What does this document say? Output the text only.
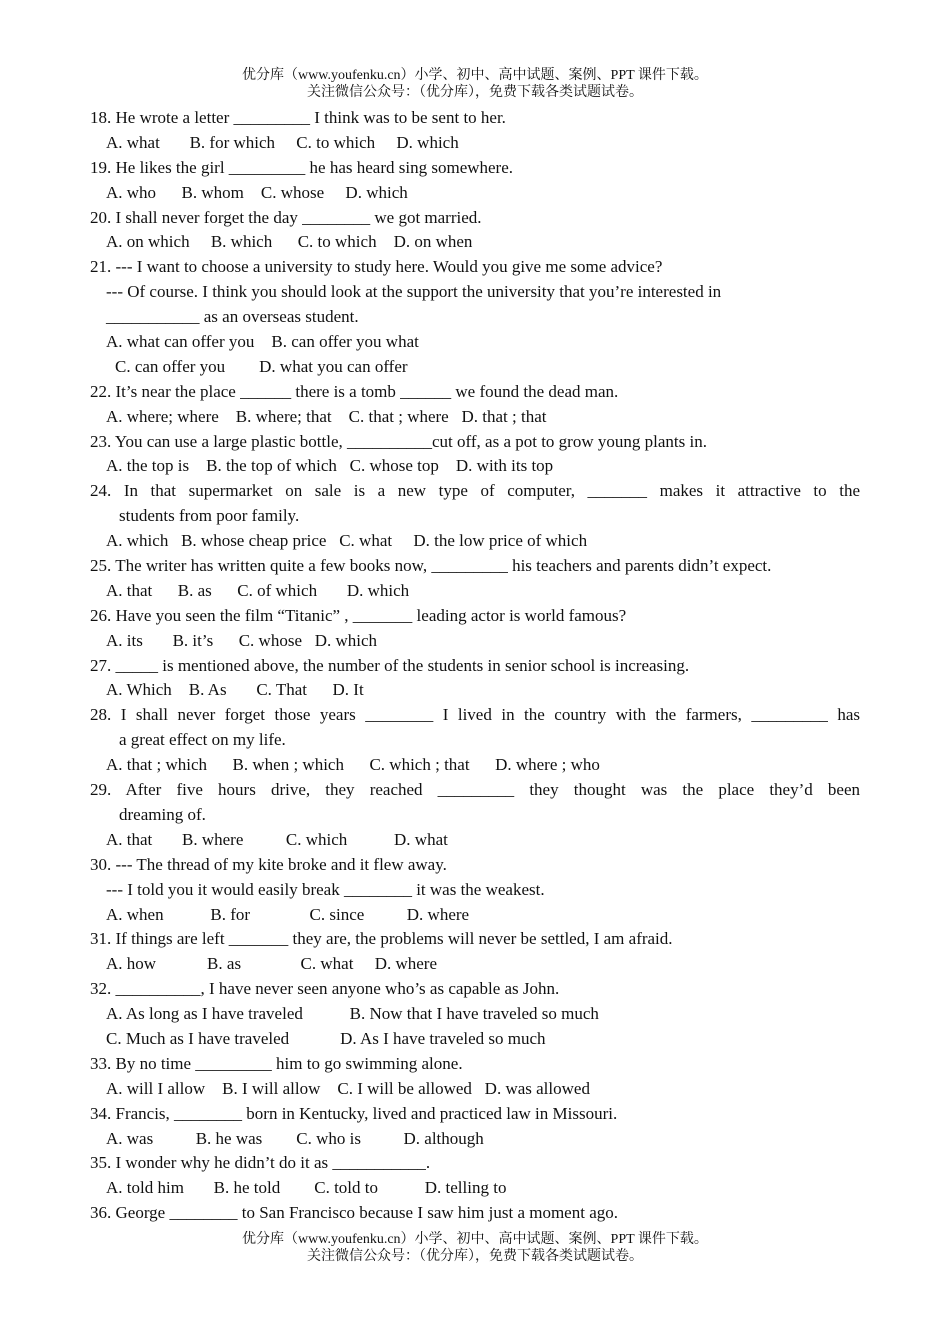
优分库（www.youfenku.cn）小学、初中、高中试题、案例、PPT 课件下载。
关注微信公众号：（优分库），免费下载各类试题试卷。
18. He wrote a letter _________ I think was to be sent to her.
A. what       B. for which     C. to which     D. which
19. He likes the girl _________ he has heard sing somewhere.
A. who      B. whom    C. whose     D. which
20. I shall never forget the day ________ we got married.
A. on which     B. which      C. to which    D. on when
21. --- I want to choose a university to study here. Would you give me some advice?
--- Of course. I think you should look at the support the university that you’re interested in
___________ as an overseas student.
A. what can offer you    B. can offer you what
C. can offer you        D. what you can offer
22. It’s near the place ______ there is a tomb ______ we found the dead man.
A. where; where    B. where; that    C. that ; where   D. that ; that
23. You can use a large plastic bottle, __________cut off, as a pot to grow young plants in.
A. the top is    B. the top of which   C. whose top    D. with its top
24. In that supermarket on sale is a new type of computer, _______ makes it attractive to the
students from poor family.
A. which   B. whose cheap price   C. what     D. the low price of which
25. The writer has written quite a few books now, _________ his teachers and parents didn’t expect.
A. that      B. as      C. of which       D. which
26. Have you seen the film “Titanic” , _______ leading actor is world famous?
A. its       B. it’s      C. whose   D. which
27. _____ is mentioned above, the number of the students in senior school is increasing.
A. Which    B. As       C. That      D. It
28. I shall never forget those years ________ I lived in the country with the farmers, _________ has
a great effect on my life.
A. that ; which      B. when ; which      C. which ; that      D. where ; who
29. After five hours drive, they reached _________ they thought was the place they’d been
dreaming of.
A. that       B. where          C. which           D. what
30. --- The thread of my kite broke and it flew away.
--- I told you it would easily break ________ it was the weakest.
A. when           B. for              C. since          D. where
31. If things are left _______ they are, the problems will never be settled, I am afraid.
A. how            B. as              C. what     D. where
32. __________, I have never seen anyone who’s as capable as John.
A. As long as I have traveled           B. Now that I have traveled so much
C. Much as I have traveled            D. As I have traveled so much
33. By no time _________ him to go swimming alone.
A. will I allow    B. I will allow    C. I will be allowed   D. was allowed
34. Francis, ________ born in Kentucky, lived and practiced law in Missouri.
A. was          B. he was        C. who is          D. although
35. I wonder why he didn’t do it as ___________.
A. told him       B. he told        C. told to           D. telling to
36. George ________ to San Francisco because I saw him just a moment ago.
优分库（www.youfenku.cn）小学、初中、高中试题、案例、PPT 课件下载。
关注微信公众号：（优分库），免费下载各类试题试卷。
